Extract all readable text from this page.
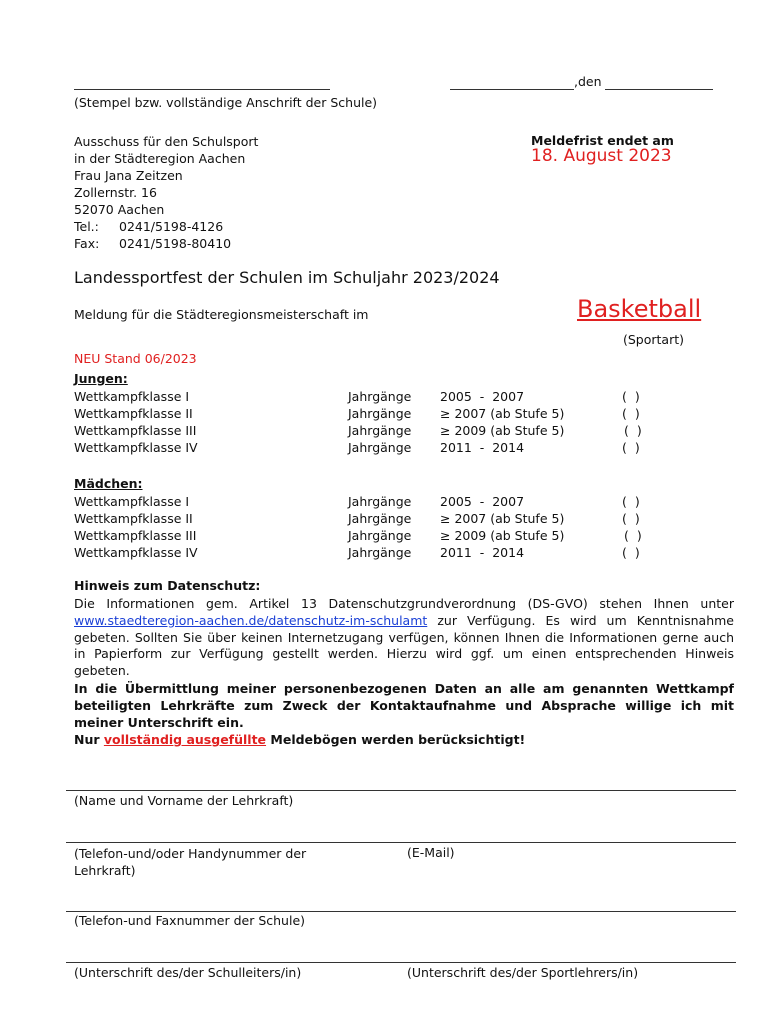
,den
(Stempel bzw. vollständige Anschrift der Schule)
Ausschuss für den Schulsport
in der Städteregion Aachen
Frau Jana Zeitzen
Zollernstr. 16
52070 Aachen
Tel.: 0241/5198-4126
Fax: 0241/5198-80410
Meldefrist endet am
18. August 2023
Landessportfest der Schulen im Schuljahr 2023/2024
Meldung für die Städteregionsmeisterschaft im	Basketball
(Sportart)
NEU Stand 06/2023
Jungen:
Wettkampfklasse I	Jahrgänge 2005  -  2007	(  )
Wettkampfklasse II	Jahrgänge ≥ 2007 (ab Stufe 5)	(  )
Wettkampfklasse III	Jahrgänge ≥ 2009 (ab Stufe 5)	(  )
Wettkampfklasse IV	Jahrgänge 2011  -  2014	(  )
Mädchen:
Wettkampfklasse I	Jahrgänge 2005  -  2007	(  )
Wettkampfklasse II	Jahrgänge ≥ 2007 (ab Stufe 5)	(  )
Wettkampfklasse III	Jahrgänge ≥ 2009 (ab Stufe 5)	(  )
Wettkampfklasse IV	Jahrgänge 2011  -  2014	(  )
Hinweis zum Datenschutz:
Die Informationen gem. Artikel 13 Datenschutzgrundverordnung (DS-GVO) stehen Ihnen unter www.staedteregion-aachen.de/datenschutz-im-schulamt zur Verfügung. Es wird um Kenntnisnahme gebeten. Sollten Sie über keinen Internetzugang verfügen, können Ihnen die Informationen gerne auch in Papierform zur Verfügung gestellt werden. Hierzu wird ggf. um einen entsprechenden Hinweis gebeten.
In die Übermittlung meiner personenbezogenen Daten an alle am genannten Wettkampf beteiligten Lehrkräfte zum Zweck der Kontaktaufnahme und Absprache willige ich mit meiner Unterschrift ein.
Nur vollständig ausgefüllte Meldebögen werden berücksichtigt!
(Name und Vorname der Lehrkraft)
(Telefon-und/oder Handynummer der Lehrkraft)
(E-Mail)
(Telefon-und Faxnummer der Schule)
(Unterschrift des/der Schulleiters/in)	(Unterschrift des/der Sportlehrers/in)
